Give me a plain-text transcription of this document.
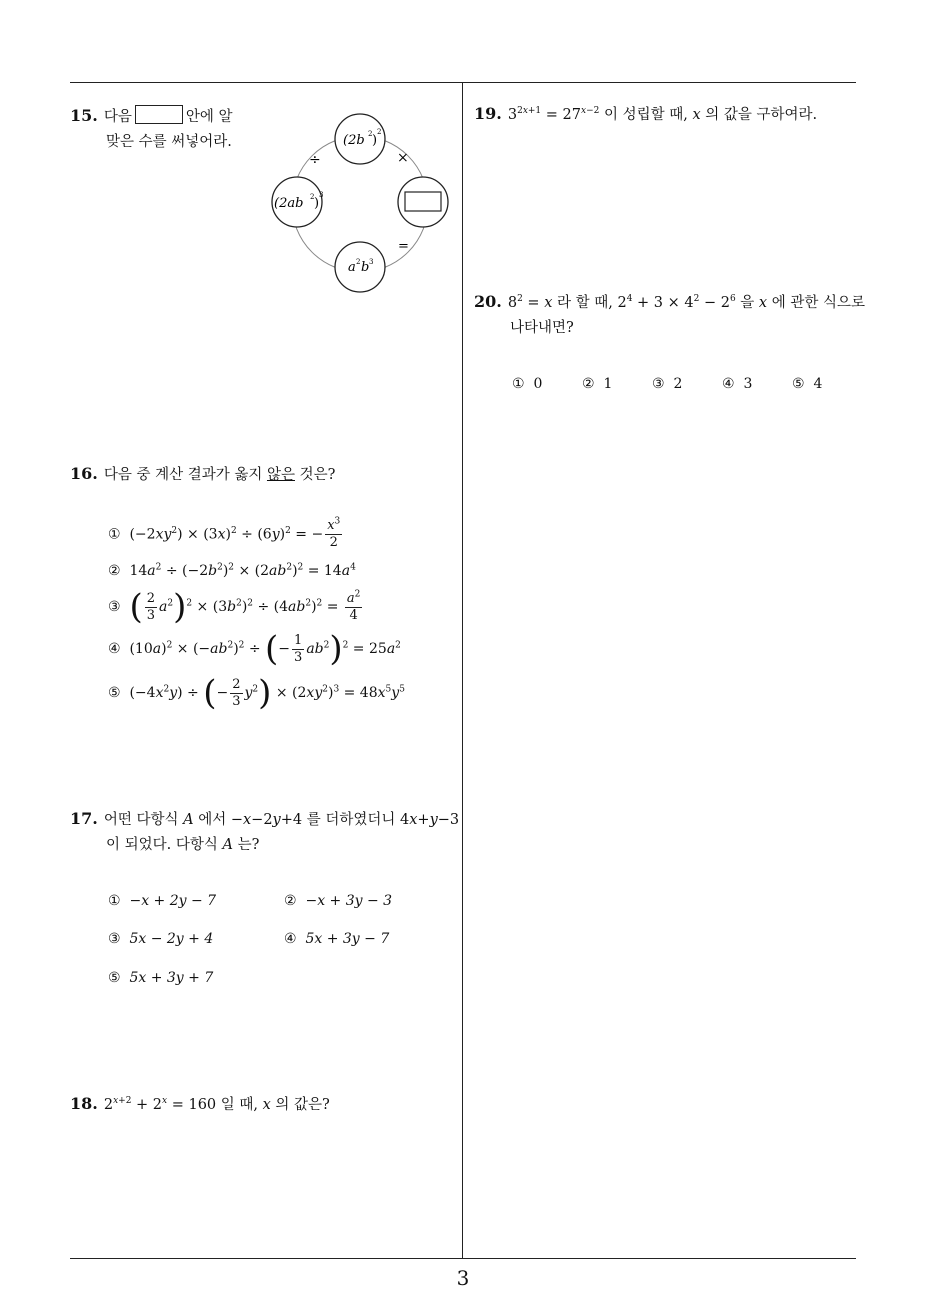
15. 다음	안에 알
맞은 수를 써넣어라.	(2b 2 )
2
(2ab 2 )
3
a 2 b 3
÷	×
=
16. 다음 중 계산 결과가 옳지 않은 것은?
①  $(-2xy^2) \times (3x)^2 \div (6y)^2$ = − $\frac{x^3}{2}$
②  $14a^2 \div (-2b^2)^2 \times (2ab^2)^2 = 14a^4$
③ ( $\frac{2}{3} a^2)^2 \times (3b^2)^2 \div (4ab^2)^2 = \frac{a^2}{4}$
④  $(10a)^2 \times (-ab^2)^2$ ÷ (− $\frac{1}{3} ab^2)^2 = 25a^2$
⑤  $(-4x^2y)$ ÷ (− $\frac{2}{3} y^2) \times (2xy^2)^3 = 48x^5y^5$
17. 어떤 다항식 A 에서 −x−2y+4 를 더하였더니 4x+y−3
이 되었다. 다항식 A 는?
① −x + 2y − 7	② −x + 3y − 3
③ 5x − 2y + 4	④ 5x + 3y − 7
⑤ 5x + 3y + 7
18. $2^{x+2} + 2^x = 160$ 일 때, x 의 값은?
19. $3^{2x+1} = 27^{x-2}$ 이 성립할 때, x 의 값을 구하여라.
20. $8^2 = x$ 라 할 때, $2^4 + 3 \times 4^2 - 2^6$ 을 x 에 관한 식으로
나타내면?
① 0	② 1	③ 2	④ 3	⑤ 4
3
